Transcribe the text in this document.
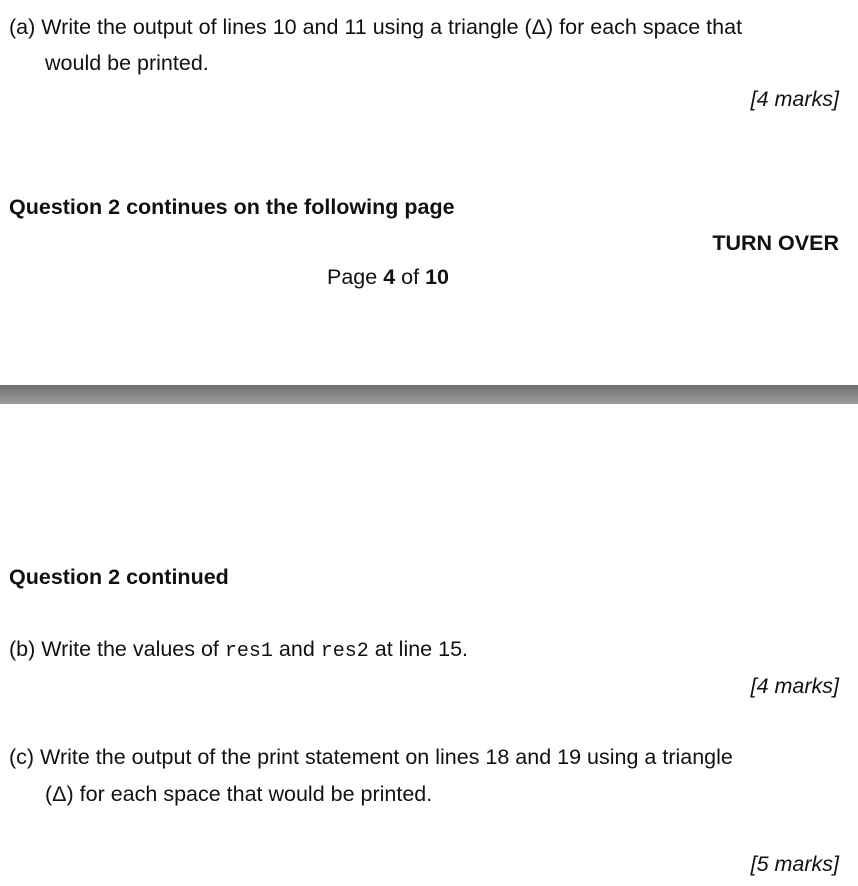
(a) Write the output of lines 10 and 11 using a triangle (Δ) for each space that
would be printed.
[4 marks]
Question 2 continues on the following page
TURN OVER
Page 4 of 10
Question 2 continued
(b) Write the values of res1 and res2 at line 15.
[4 marks]
(c) Write the output of the print statement on lines 18 and 19 using a triangle
(Δ) for each space that would be printed.
[5 marks]
